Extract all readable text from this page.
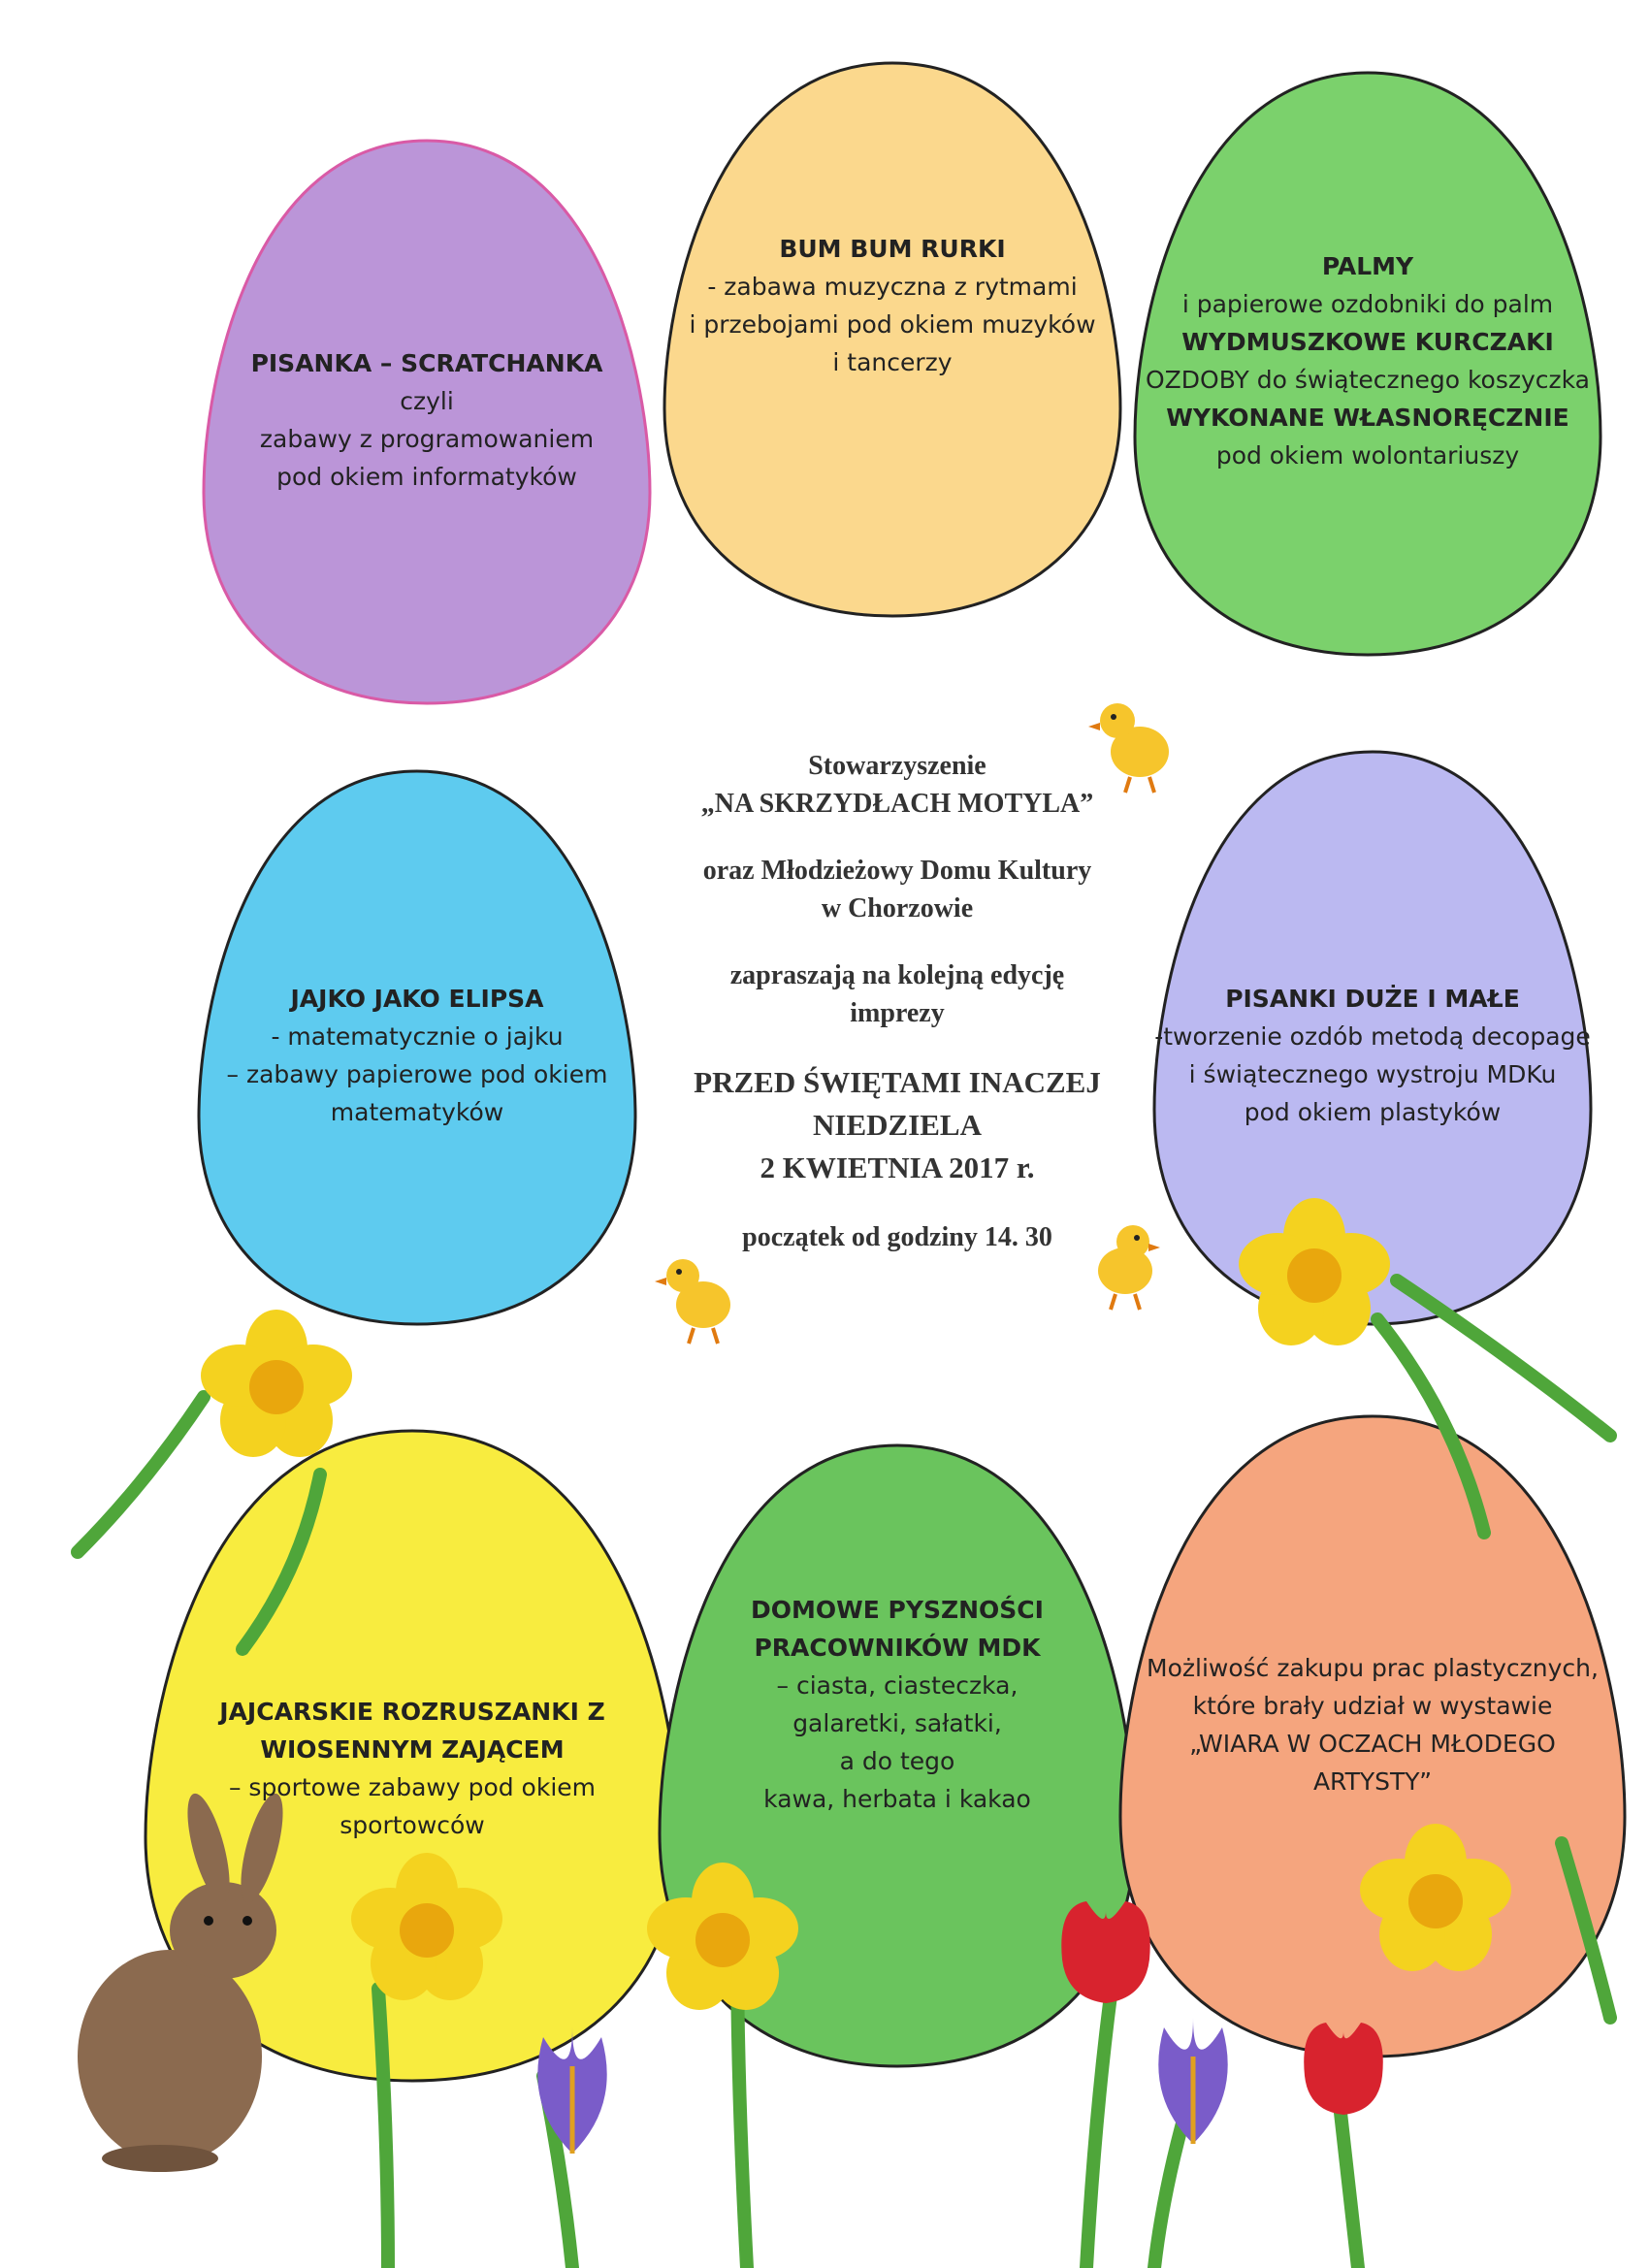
PISANKA – SCRATCHANKA
czyli
zabawy z programowaniem
pod okiem informatyków
BUM BUM RURKI
- zabawa muzyczna z rytmami
i przebojami pod okiem muzyków
i tancerzy
PALMY
i papierowe ozdobniki do palm
WYDMUSZKOWE KURCZAKI
OZDOBY do świątecznego koszyczka
WYKONANE WŁASNORĘCZNIE
pod okiem wolontariuszy
JAJKO JAKO ELIPSA
- matematycznie o jajku
– zabawy papierowe pod okiem
matematyków
PISANKI DUŻE I MAŁE
-tworzenie ozdób metodą decopage
i świątecznego wystroju MDKu
pod okiem plastyków
JAJCARSKIE ROZRUSZANKI Z
WIOSENNYM ZAJĄCEM
– sportowe zabawy pod okiem
sportowców
DOMOWE PYSZNOŚCI
PRACOWNIKÓW MDK
– ciasta, ciasteczka,
galaretki, sałatki,
a do tego
kawa, herbata i kakao
Możliwość zakupu prac plastycznych,
które brały udział w wystawie
„WIARA W OCZACH MŁODEGO
ARTYSTY”
Stowarzyszenie
„NA SKRZYDŁACH MOTYLA”
oraz Młodzieżowy Domu Kultury
w Chorzowie
zapraszają na kolejną edycję
imprezy
PRZED ŚWIĘTAMI INACZEJ
NIEDZIELA
2 KWIETNIA 2017 r.
początek od godziny 14. 30
